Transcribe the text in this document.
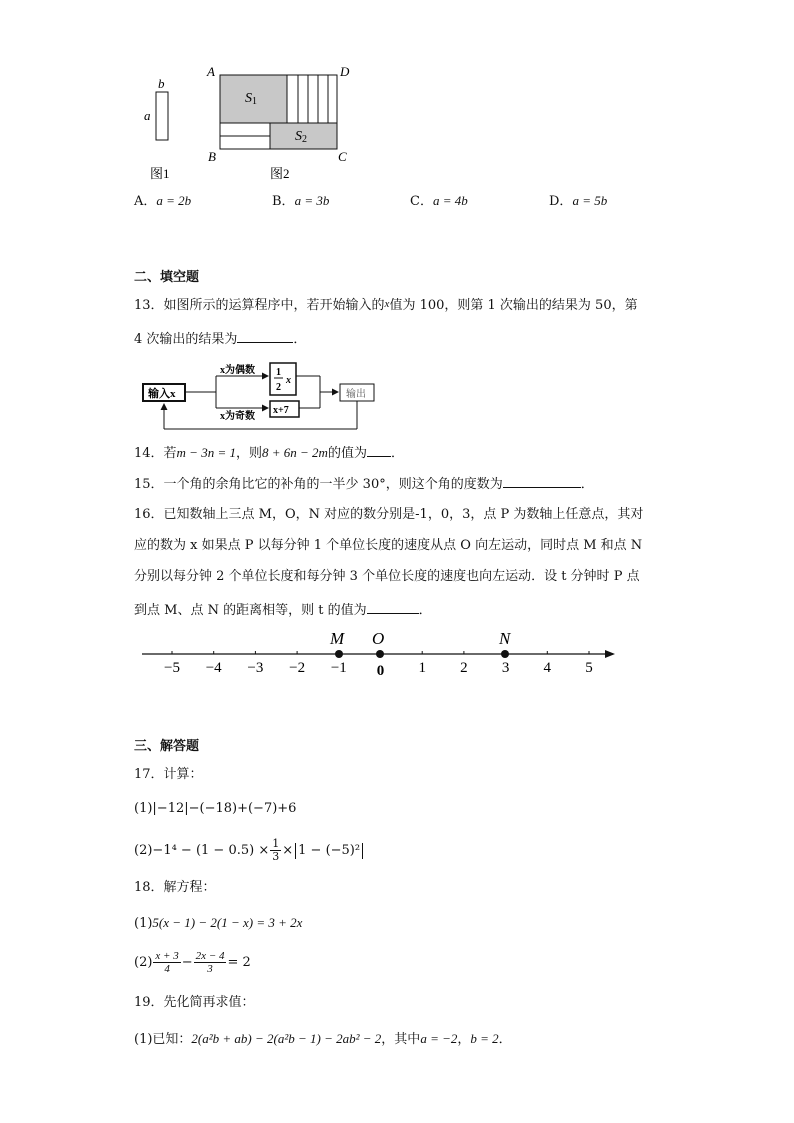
b
a
S1
S2
A	D
B	C
图1	图2
A．a = 2b	B．a = 3b	C．a = 4b	D．a = 5b
二、填空题
13．如图所示的运算程序中，若开始输入的x值为 100，则第 1 次输出的结果为 50，第
4 次输出的结果为	．
输入x
x为偶数
x为奇数
1
2
x
x+7
输出
14．若m − 3n = 1，则8 + 6n − 2m的值为 ．
15．一个角的余角比它的补角的一半少 30°，则这个角的度数为	．
16．已知数轴上三点 M，O，N 对应的数分别是-1，0，3，点 P 为数轴上任意点，其对
应的数为 x 如果点 P 以每分钟 1 个单位长度的速度从点 O 向左运动，同时点 M 和点 N
分别以每分钟 2 个单位长度和每分钟 3 个单位长度的速度也向左运动．设 t 分钟时 P 点
到点 M、点 N 的距离相等，则 t 的值为	．
−5 −4 −3 −2 −1 0 1 2 3 4 5
M O	N
三、解答题
17．计算：
(1)|−12|−(−18)+(−7)+6
$(2)-1^4 - (1 - 0.5) \times \frac{1}{3} \times 1 - (-5)^2$
18．解方程：
(1)5(x − 1) − 2(1 − x) = 3 + 2x
$(2) \frac{x + 3}{4} - \frac{2x - 4}{3} = 2$
19．先化简再求值：
(1)已知：2(a²b + ab) − 2(a²b − 1) − 2ab² − 2，其中a = −2，b = 2．
